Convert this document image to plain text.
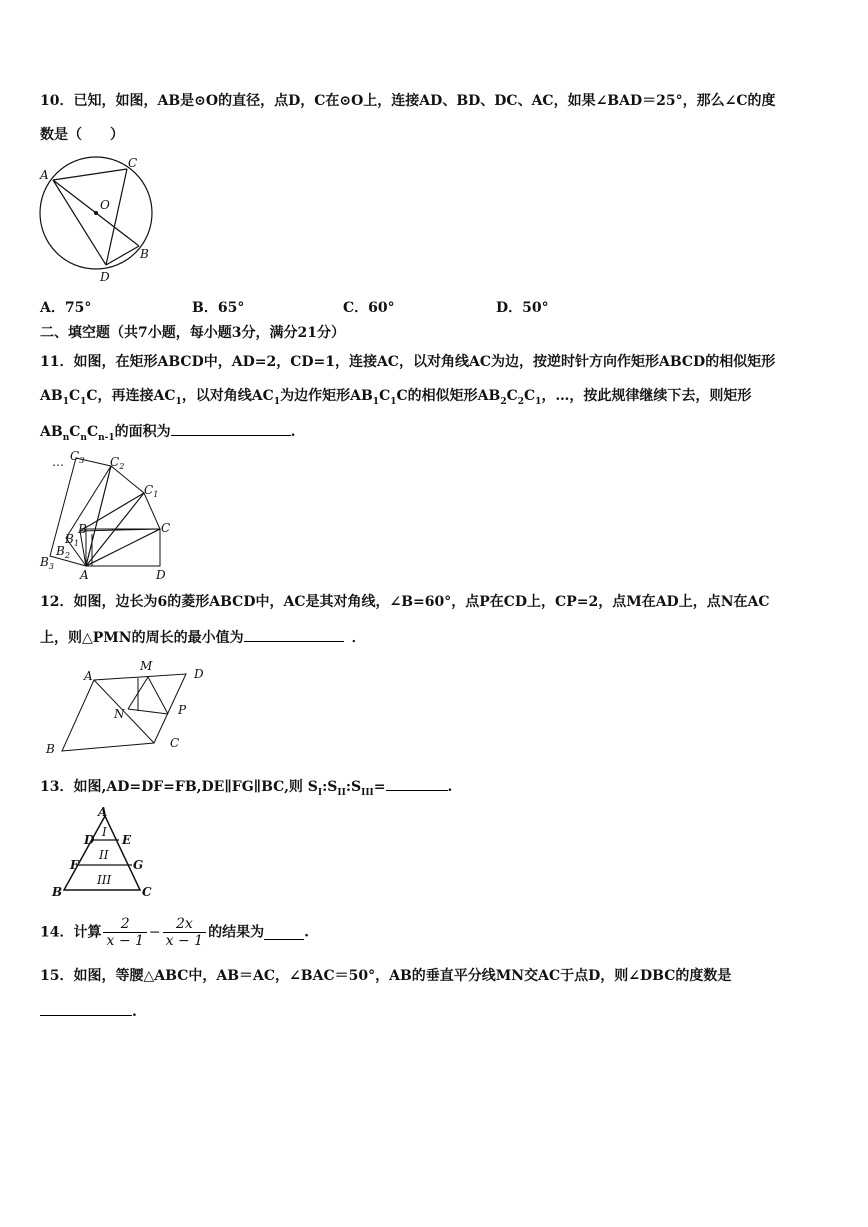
10．已知，如图，AB是⊙O的直径，点D，C在⊙O上，连接AD、BD、DC、AC，如果∠BAD＝25°，那么∠C的度
数是（　　）
A
C
O
B
D
A．75°	B．65°	C．60°	D．50°
二、填空题（共7小题，每小题3分，满分21分）
11．如图，在矩形ABCD中，AD=2，CD=1，连接AC，以对角线AC为边，按逆时针方向作矩形ABCD的相似矩形
$AB_1C_1C$，再连接$AC_1$，以对角线$AC_1$为边作矩形$AB_1C_1C$的相似矩形$AB_2C_2C_1$，…，按此规律继续下去，则矩形
$AB_nC_nC_{n-1}$的面积为	.
… $C_3$ $C_2$
$C_1$
C
B
$B_1$
$B_2$
$B_3$
A	D
12．如图，边长为6的菱形ABCD中，AC是其对角线，∠B=60°，点P在CD上，CP=2，点M在AD上，点N在AC
上，则△PMN的周长的最小值为	．
A
M
D
N	P
B	C
13．如图,AD=DF=FB,DE∥FG∥BC,则 $S_I:S_{II}:S_{III}=$	.
A
D E
F	G
B	C
I
II
III
14．计算 $\frac{2}{x - 1} - \frac{2x}{x - 1}$ 的结果为	.
15．如图，等腰△ABC中，AB＝AC，∠BAC＝50°，AB的垂直平分线MN交AC于点D，则∠DBC的度数是
.
